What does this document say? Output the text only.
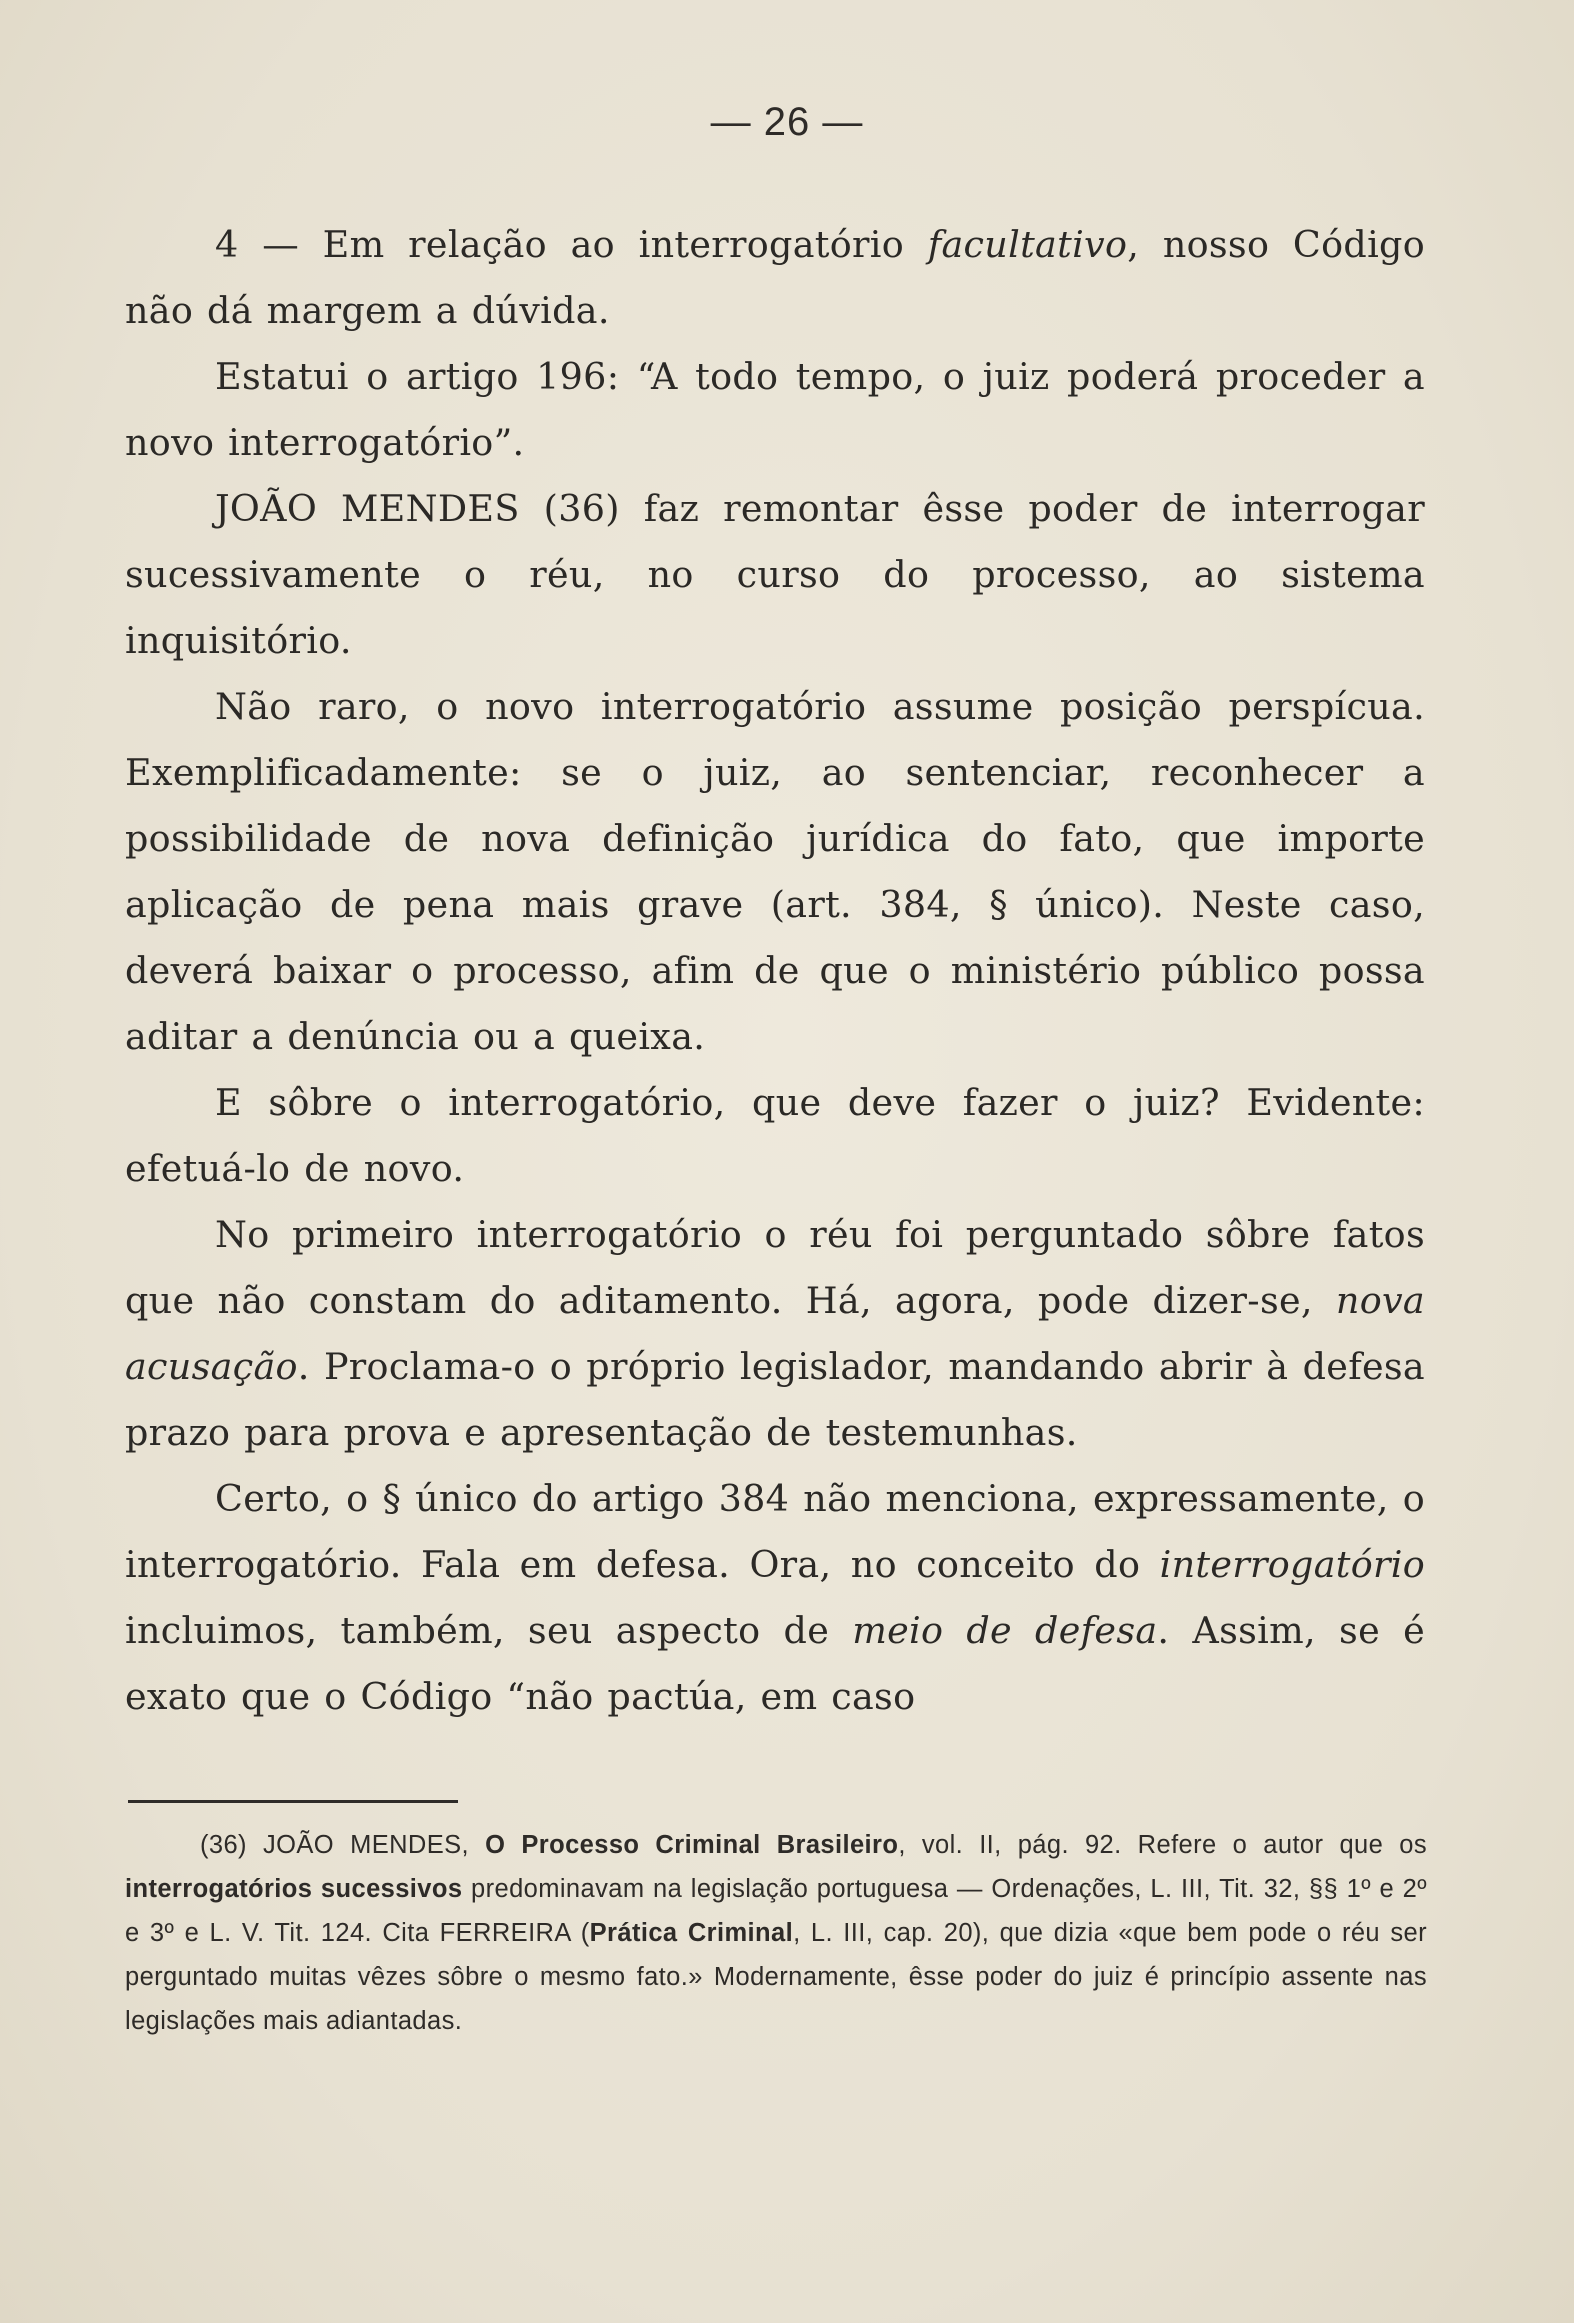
— 26 —

4 — Em relação ao interrogatório facultativo, nosso Código não dá margem a dúvida.

Estatui o artigo 196: “A todo tempo, o juiz poderá proceder a novo interrogatório”.

JOÃO MENDES (36) faz remontar êsse poder de interrogar sucessivamente o réu, no curso do processo, ao sistema inquisitório.

Não raro, o novo interrogatório assume posição perspícua. Exemplificadamente: se o juiz, ao sentenciar, reconhecer a possibilidade de nova definição jurídica do fato, que importe aplicação de pena mais grave (art. 384, § único). Neste caso, deverá baixar o processo, afim de que o ministério público possa aditar a denúncia ou a queixa.

E sôbre o interrogatório, que deve fazer o juiz? Evidente: efetuá-lo de novo.

No primeiro interrogatório o réu foi perguntado sôbre fatos que não constam do aditamento. Há, agora, pode dizer-se, nova acusação. Proclama-o o próprio legislador, mandando abrir à defesa prazo para prova e apresentação de testemunhas.

Certo, o § único do artigo 384 não menciona, expressamente, o interrogatório. Fala em defesa. Ora, no conceito do interrogatório incluimos, também, seu aspecto de meio de defesa. Assim, se é exato que o Código “não pactúa, em caso

(36) JOÃO MENDES, O Processo Criminal Brasileiro, vol. II, pág. 92. Refere o autor que os interrogatórios sucessivos predominavam na legislação portuguesa — Ordenações, L. III, Tit. 32, §§ 1º e 2º e 3º e L. V. Tit. 124. Cita FERREIRA (Prática Criminal, L. III, cap. 20), que dizia «que bem pode o réu ser perguntado muitas vêzes sôbre o mesmo fato.» Modernamente, êsse poder do juiz é princípio assente nas legislações mais adiantadas.
